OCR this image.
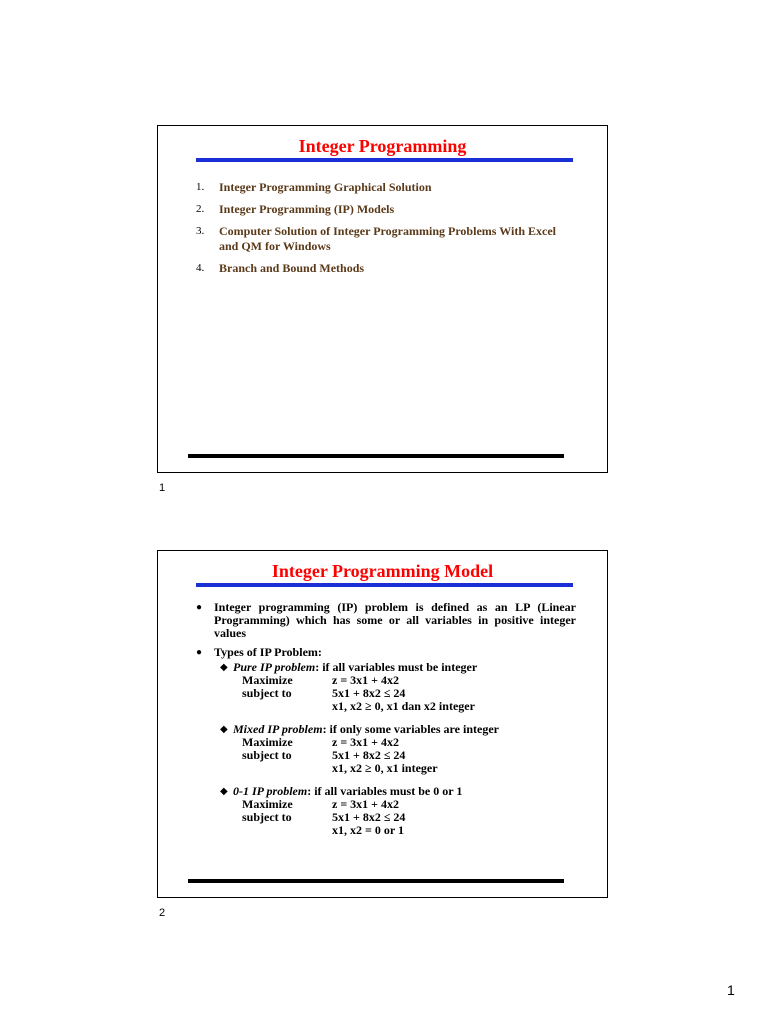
Integer Programming
1.	Integer Programming Graphical Solution
2.	Integer Programming (IP) Models
3.	Computer Solution of Integer Programming Problems With Excel and QM for Windows
4.	Branch and Bound Methods
1
Integer Programming Model
● Integer programming (IP) problem is defined as an LP (Linear Programming) which has some or all variables in positive integer values
● Types of IP Problem:
◆ Pure IP problem : if all variables must be integer
Maximize	z = 3x1 + 4x2
subject to	5x1 + 8x2 ≤ 24
x1, x2 ≥ 0, x1 dan x2 integer
◆ Mixed IP problem : if only some variables are integer
Maximize	z = 3x1 + 4x2
subject to	5x1 + 8x2 ≤ 24
x1, x2 ≥ 0, x1 integer
◆ 0-1 IP problem : if all variables must be 0 or 1
Maximize	z = 3x1 + 4x2
subject to	5x1 + 8x2 ≤ 24
x1, x2 = 0 or 1
2
1
